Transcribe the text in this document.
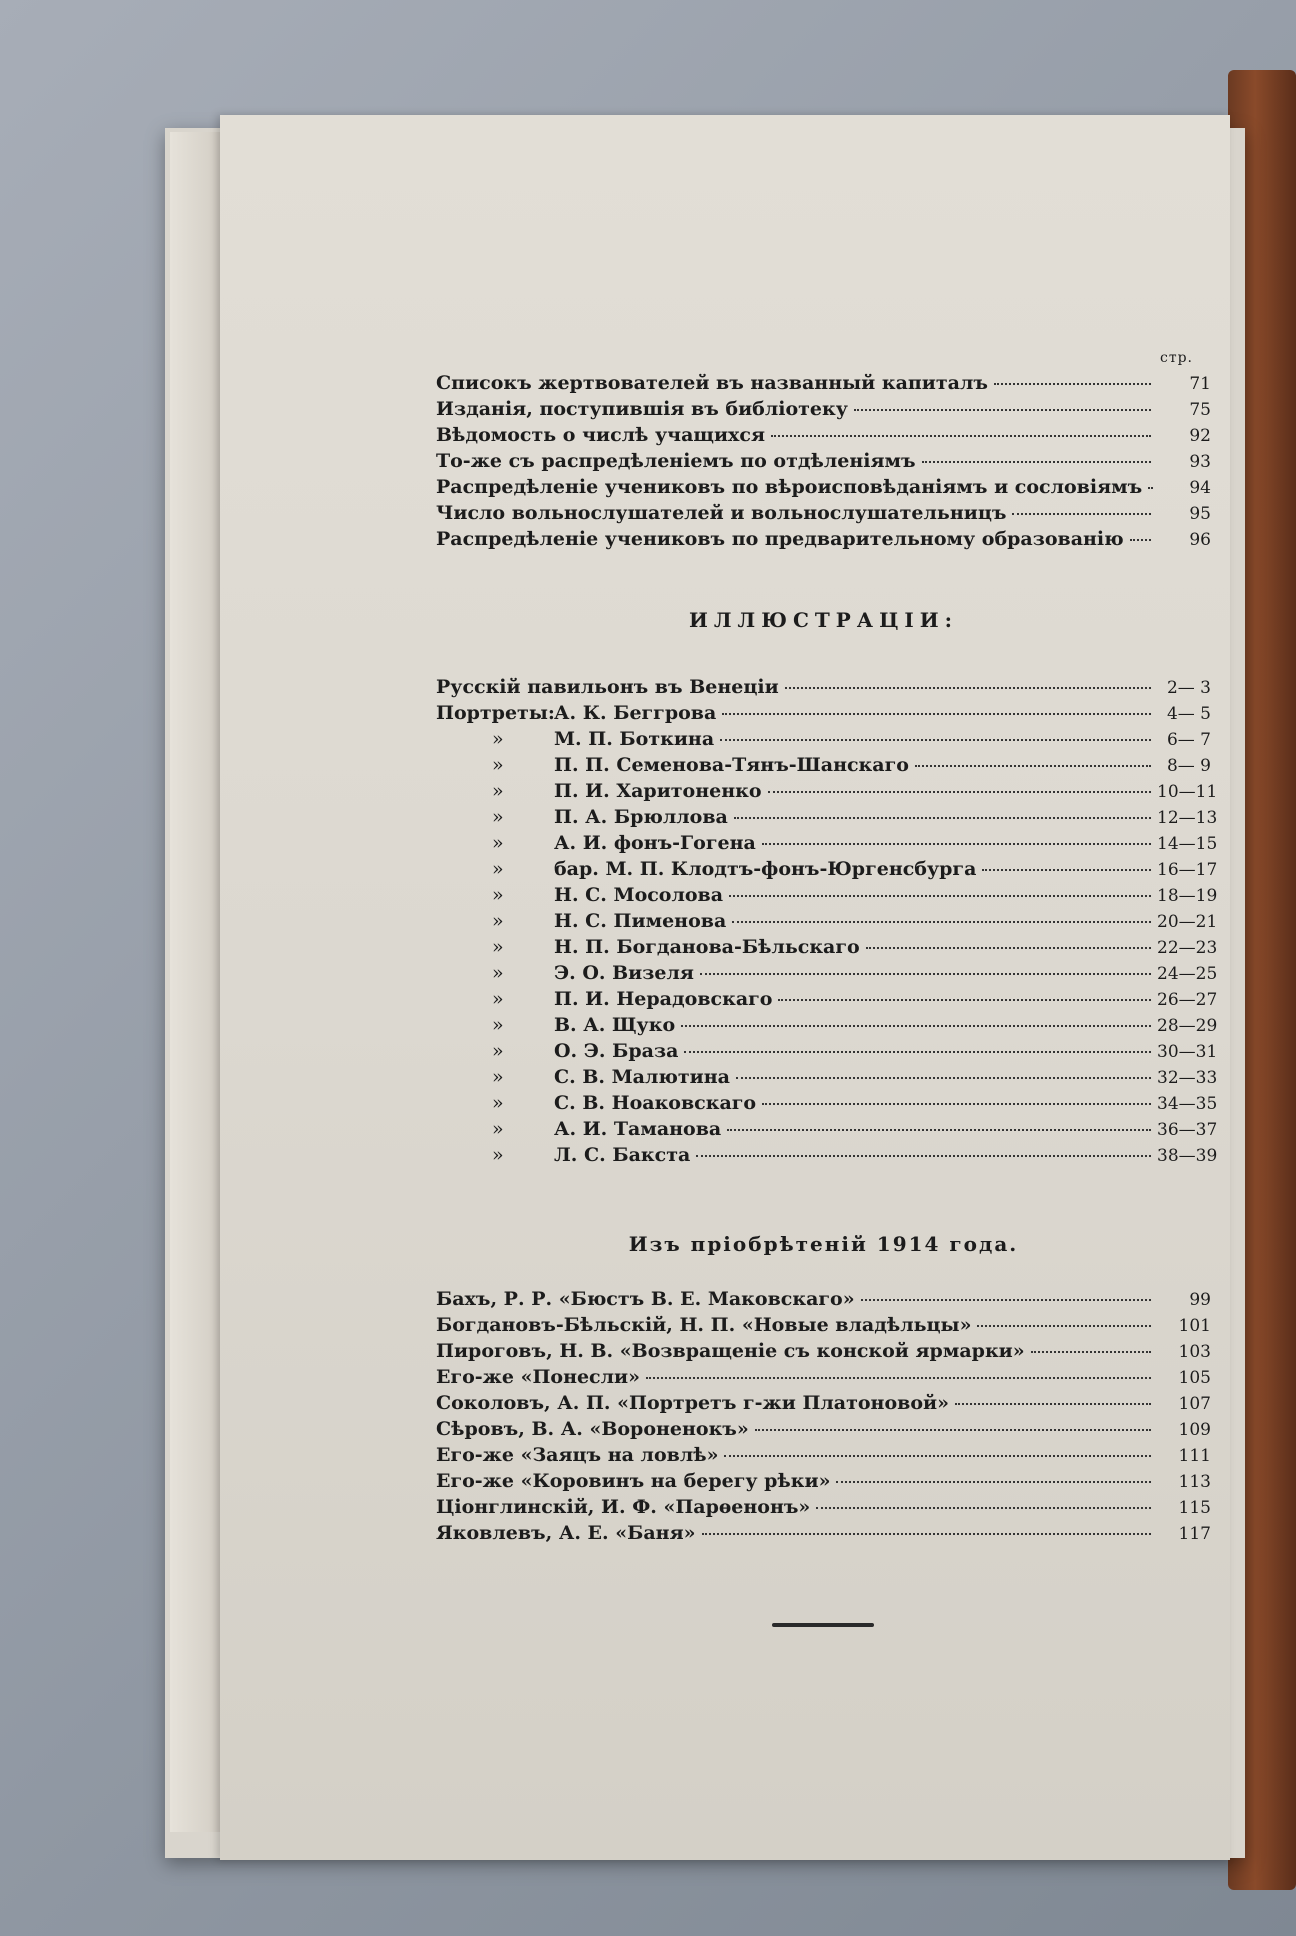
стр.
Списокъ жертвователей въ названный капиталъ	71
Изданія, поступившія въ библіотеку	75
Вѣдомость о числѣ учащихся	92
То-же съ распредѣленіемъ по отдѣленіямъ	93
Распредѣленіе учениковъ по вѣроисповѣданіямъ и сословіямъ	94
Число вольнослушателей и вольнослушательницъ	95
Распредѣленіе учениковъ по предварительному образованію	96
ИЛЛЮСТРАЦІИ:
Русскій павильонъ въ Венеціи	2— 3
Портреты: А. К. Беггрова	4— 5
»	М. П. Боткина	6— 7
»	П. П. Семенова-Тянъ-Шанскаго	8— 9
»	П. И. Харитоненко	10—11
»	П. А. Брюллова	12—13
»	А. И. фонъ-Гогена	14—15
»	бар. М. П. Клодтъ-фонъ-Юргенсбурга	16—17
»	Н. С. Мосолова	18—19
»	Н. С. Пименова	20—21
»	Н. П. Богданова-Бѣльскаго	22—23
»	Э. О. Визеля	24—25
»	П. И. Нерадовскаго	26—27
»	В. А. Щуко	28—29
»	О. Э. Браза	30—31
»	С. В. Малютина	32—33
»	С. В. Ноаковскаго	34—35
»	А. И. Таманова	36—37
»	Л. С. Бакста	38—39
Изъ пріобрѣтеній 1914 года.
Бахъ, Р. Р. «Бюстъ В. Е. Маковскаго»	99
Богдановъ-Бѣльскій, Н. П. «Новые владѣльцы»	101
Пироговъ, Н. В. «Возвращеніе съ конской ярмарки»	103
Его-же «Понесли»	105
Соколовъ, А. П. «Портретъ г-жи Платоновой»	107
Сѣровъ, В. А. «Вороненокъ»	109
Его-же «Заяцъ на ловлѣ»	111
Его-же «Коровинъ на берегу рѣки»	113
Ціонглинскій, И. Ф. «Парѳенонъ»	115
Яковлевъ, А. Е. «Баня»	117
